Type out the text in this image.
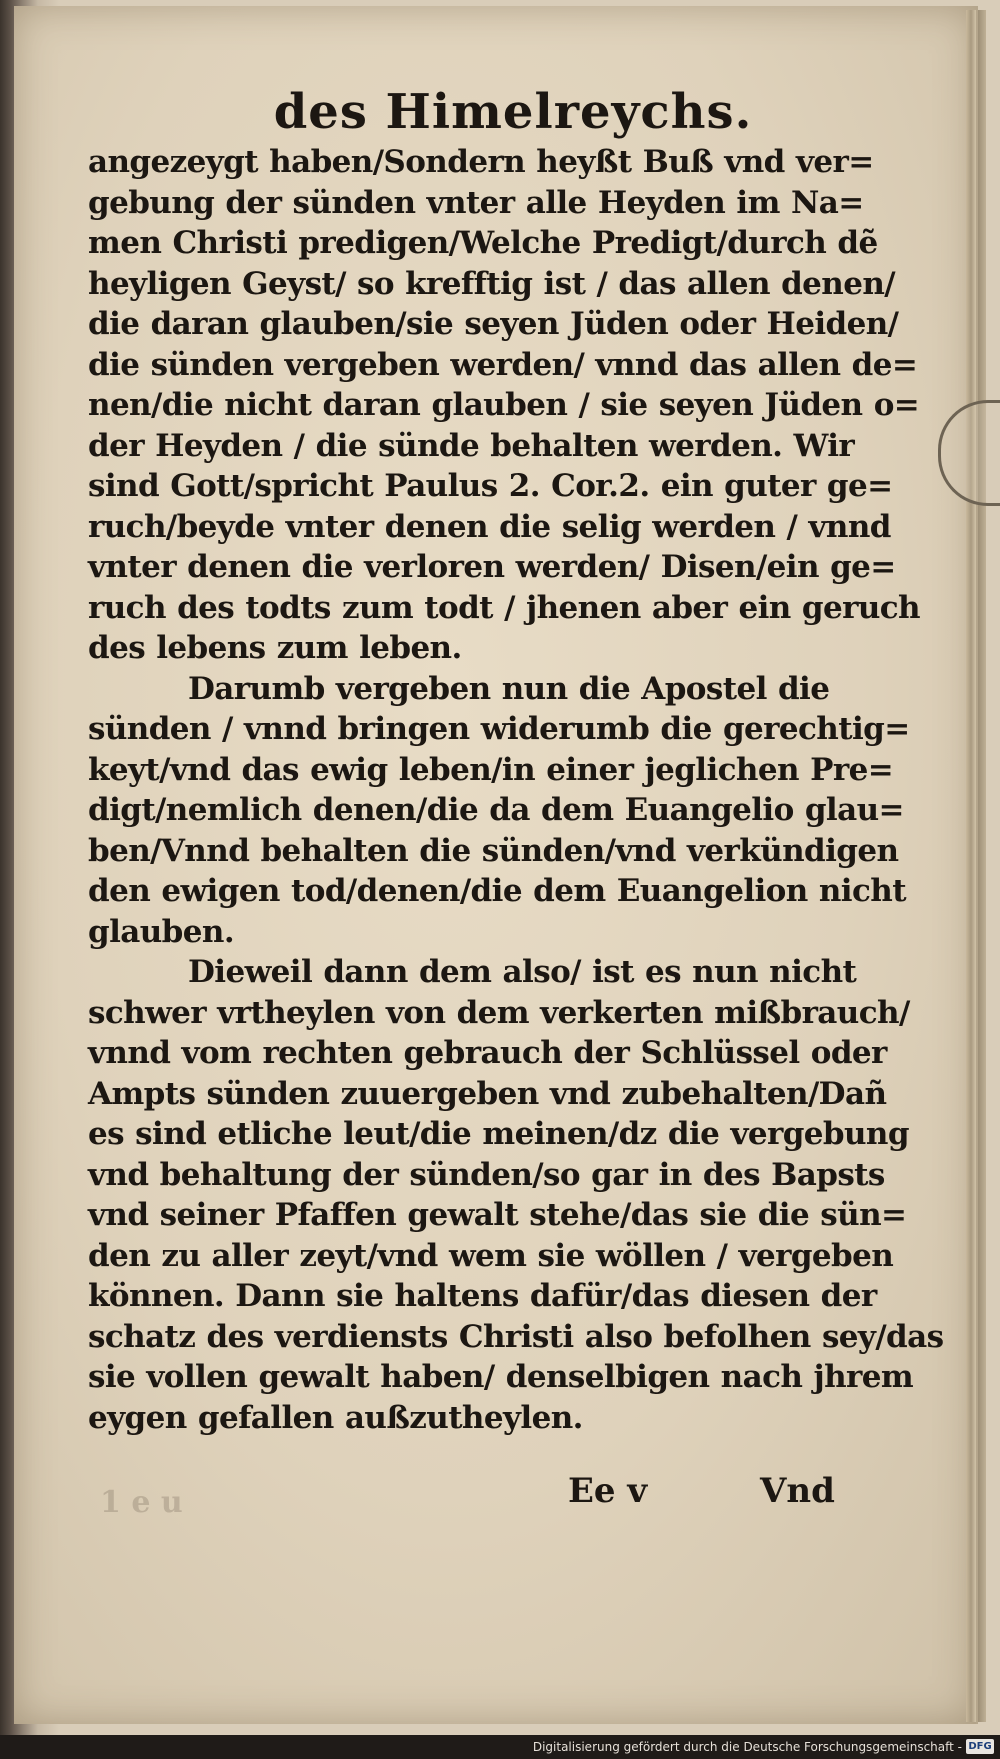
des Himelreychs.
angezeygt haben/Sondern heyßt Buß vnd ver=
gebung der sünden vnter alle Heyden im Na=
men Christi predigen/Welche Predigt/durch dẽ
heyligen Geyst/ so krefftig ist / das allen denen/
die daran glauben/sie seyen Jüden oder Heiden/
die sünden vergeben werden/ vnnd das allen de=
nen/die nicht daran glauben / sie seyen Jüden o=
der Heyden / die sünde behalten werden. Wir
sind Gott/spricht Paulus 2. Cor.2. ein guter ge=
ruch/beyde vnter denen die selig werden / vnnd
vnter denen die verloren werden/ Disen/ein ge=
ruch des todts zum todt / jhenen aber ein geruch
des lebens zum leben.
Darumb vergeben nun die Apostel die
sünden / vnnd bringen widerumb die gerechtig=
keyt/vnd das ewig leben/in einer jeglichen Pre=
digt/nemlich denen/die da dem Euangelio glau=
ben/Vnnd behalten die sünden/vnd verkündigen
den ewigen tod/denen/die dem Euangelion nicht
glauben.
Dieweil dann dem also/ ist es nun nicht
schwer vrtheylen von dem verkerten mißbrauch/
vnnd vom rechten gebrauch der Schlüssel oder
Ampts sünden zuuergeben vnd zubehalten/Dañ
es sind etliche leut/die meinen/dz die vergebung
vnd behaltung der sünden/so gar in des Bapsts
vnd seiner Pfaffen gewalt stehe/das sie die sün=
den zu aller zeyt/vnd wem sie wöllen / vergeben
können. Dann sie haltens dafür/das diesen der
schatz des verdiensts Christi also befolhen sey/das
sie vollen gewalt haben/ denselbigen nach jhrem
eygen gefallen außzutheylen.
1 e u	Ee v	Vnd
Digitalisierung gefördert durch die Deutsche Forschungsgemeinschaft - DFG
